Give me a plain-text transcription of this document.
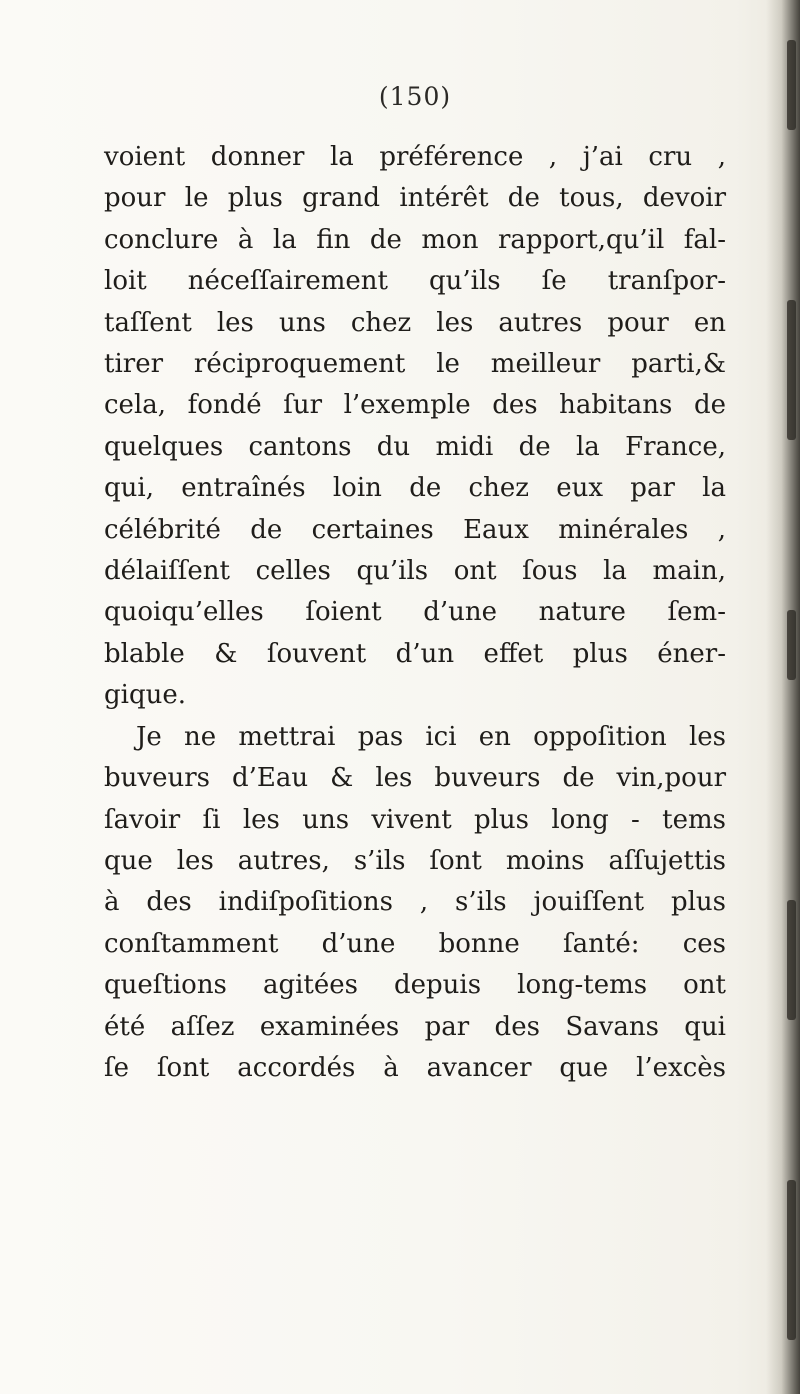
(150)
voient donner la préférence , j’ai cru ,
pour le plus grand intérêt de tous, devoir
conclure à la fin de mon rapport,qu’il fal-
loit néceſſairement qu’ils ſe tranſpor-
taſſent les uns chez les autres pour en
tirer réciproquement le meilleur parti,&
cela, fondé ſur l’exemple des habitans de
quelques cantons du midi de la France,
qui, entraînés loin de chez eux par la
célébrité de certaines Eaux minérales ,
délaiſſent celles qu’ils ont ſous la main,
quoiqu’elles ſoient d’une nature ſem-
blable & ſouvent d’un effet plus éner-
gique.
Je ne mettrai pas ici en oppoſition les
buveurs d’Eau & les buveurs de vin,pour
ſavoir ſi les uns vivent plus long - tems
que les autres, s’ils ſont moins aſſujettis
à des indiſpoſitions , s’ils jouiſſent plus
conſtamment d’une bonne ſanté: ces
queſtions agitées depuis long-tems ont
été aſſez examinées par des Savans qui
ſe ſont accordés à avancer que l’excès
